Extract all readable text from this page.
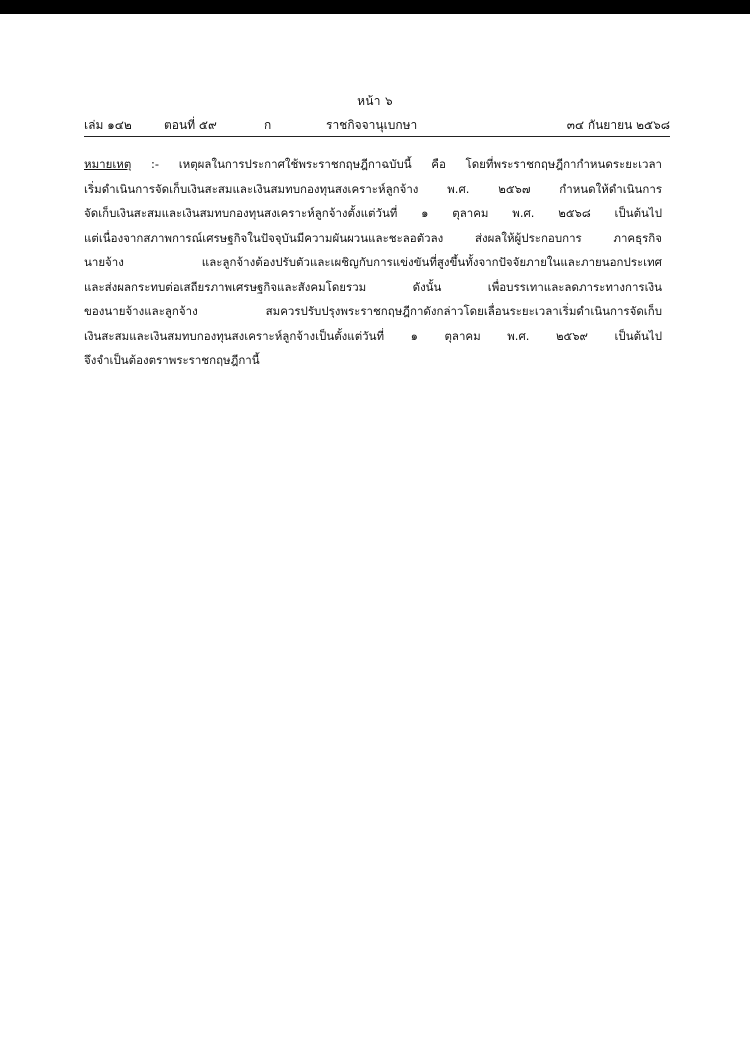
หน้า ๖
เล่ม ๑๔๒	ตอนที่ ๕๙	ก	ราชกิจจานุเบกษา	๓๔ กันยายน ๒๕๖๘
หมายเหตุ :- เหตุผลในการประกาศใช้พระราชกฤษฎีกาฉบับนี้ คือ โดยที่พระราชกฤษฎีกากำหนดระยะเวลา
เริ่มดำเนินการจัดเก็บเงินสะสมและเงินสมทบกองทุนสงเคราะห์ลูกจ้าง พ.ศ. ๒๕๖๗ กำหนดให้ดำเนินการ
จัดเก็บเงินสะสมและเงินสมทบกองทุนสงเคราะห์ลูกจ้างตั้งแต่วันที่ ๑ ตุลาคม พ.ศ. ๒๕๖๘ เป็นต้นไป
แต่เนื่องจากสภาพการณ์เศรษฐกิจในปัจจุบันมีความผันผวนและชะลอตัวลง ส่งผลให้ผู้ประกอบการ ภาคธุรกิจ
นายจ้าง และลูกจ้างต้องปรับตัวและเผชิญกับการแข่งขันที่สูงขึ้นทั้งจากปัจจัยภายในและภายนอกประเทศ
และส่งผลกระทบต่อเสถียรภาพเศรษฐกิจและสังคมโดยรวม ดังนั้น เพื่อบรรเทาและลดภาระทางการเงิน
ของนายจ้างและลูกจ้าง สมควรปรับปรุงพระราชกฤษฎีกาดังกล่าวโดยเลื่อนระยะเวลาเริ่มดำเนินการจัดเก็บ
เงินสะสมและเงินสมทบกองทุนสงเคราะห์ลูกจ้างเป็นตั้งแต่วันที่ ๑ ตุลาคม พ.ศ. ๒๕๖๙ เป็นต้นไป
จึงจำเป็นต้องตราพระราชกฤษฎีกานี้
